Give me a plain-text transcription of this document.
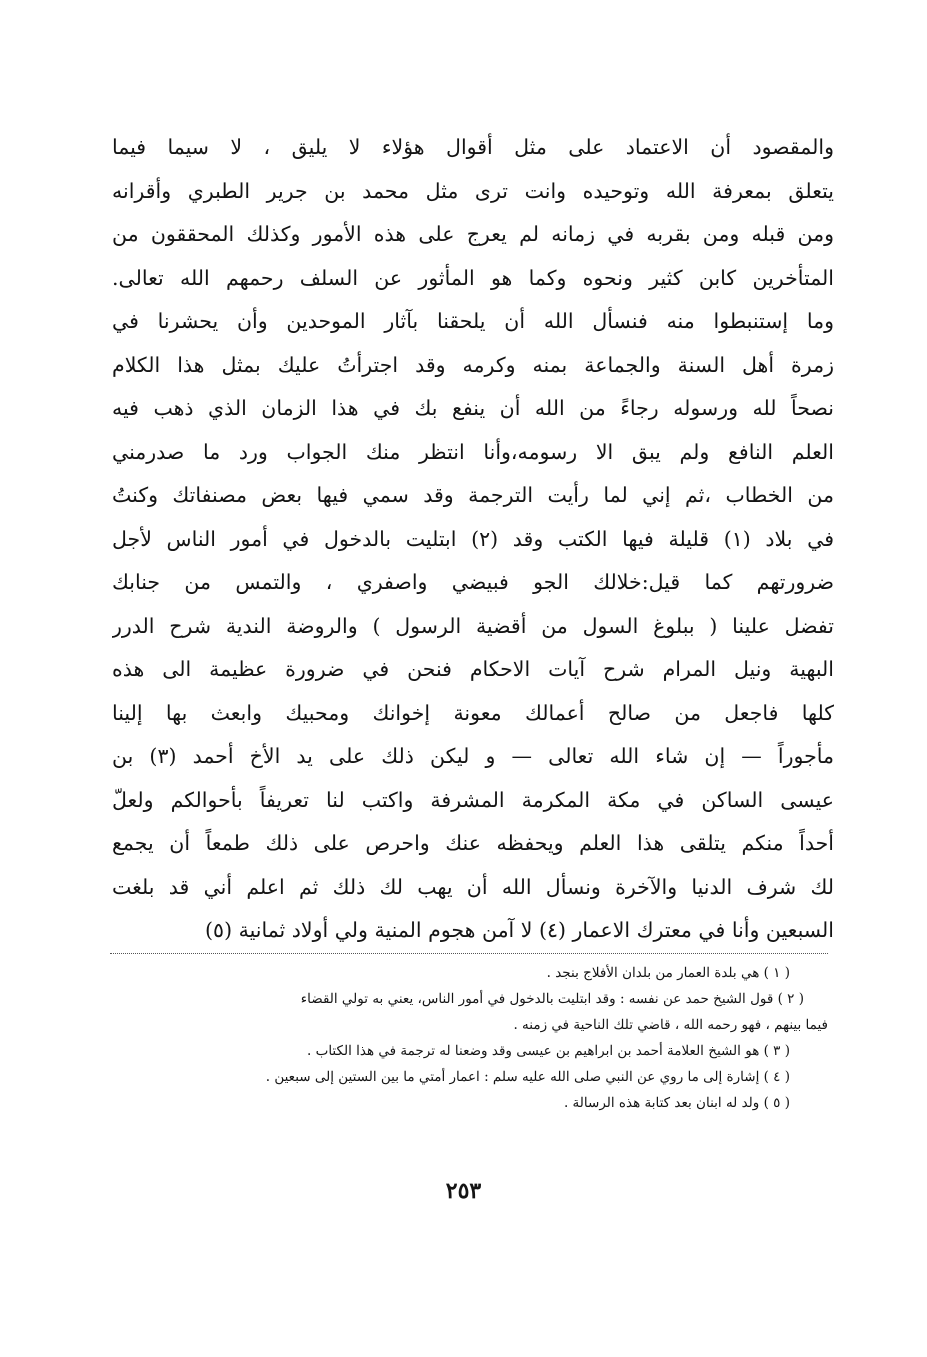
والمقصود أن الاعتماد على مثل أقوال هؤلاء لا يليق ، لا سيما فيما
يتعلق بمعرفة الله وتوحيده وانت ترى مثل محمد بن جرير الطبري وأقرانه
ومن قبله ومن بقربه في زمانه لم يعرج على هذه الأمور وكذلك المحققون من
المتأخرين كابن كثير ونحوه وكما هو المأثور عن السلف رحمهم الله تعالى.
وما إستنبطوا منه فنسأل الله أن يلحقنا بآثار الموحدين وأن يحشرنا في
زمرة أهل السنة والجماعة بمنه وكرمه وقد اجترأتُ عليك بمثل هذا الكلام
نصحاً لله ورسوله رجاءً من الله أن ينفع بك في هذا الزمان الذي ذهب فيه
العلم النافع ولم يبق الا رسومه،وأنا انتظر منك الجواب ورد ما صدرمني
من الخطاب ،ثم إني لما رأيت الترجمة وقد سمي فيها بعض مصنفاتك وكنتُ
في بلاد (١) قليلة فيها الكتب وقد (٢) ابتليت بالدخول في أمور الناس لأجل
ضرورتهم كما قيل:خلالك الجو فبيضي واصفري ، والتمس من جنابك
تفضل علينا ( ببلوغ السول من أقضية الرسول ) والروضة الندية شرح الدرر
البهية ونيل المرام شرح آيات الاحكام فنحن في ضرورة عظيمة الى هذه
كلها فاجعل من صالح أعمالك معونة إخوانك ومحبيك وابعث بها إلينا
مأجوراً — إن شاء الله تعالى — و ليكن ذلك على يد الأخ أحمد (٣) بن
عيسى الساكن في مكة المكرمة المشرفة واكتب لنا تعريفاً بأحوالكم ولعلّ
أحداً منكم يتلقى هذا العلم ويحفظه عنك واحرص على ذلك طمعاً أن يجمع
لك شرف الدنيا والآخرة ونسأل الله أن يهب لك ذلك ثم اعلم أني قد بلغت
السبعين وأنا في معترك الاعمار (٤) لا آمن هجوم المنية ولي أولاد ثمانية (٥)
( ١ ) هي بلدة العمار من بلدان الأفلاج بنجد .
( ٢ ) قول الشيخ حمد عن نفسه : وقد ابتليت بالدخول في أمور الناس، يعني به تولي القضاء
فيما بينهم ، فهو رحمه الله ، قاضي تلك الناحية في زمنه .
( ٣ ) هو الشيخ العلامة أحمد بن ابراهيم بن عيسى وقد وضعنا له ترجمة في هذا الكتاب .
( ٤ ) إشارة إلى ما روي عن النبي صلى الله عليه سلم : اعمار أمتي ما بين الستين إلى سبعين .
( ٥ ) ولد له ابنان بعد كتابة هذه الرسالة .
٢٥٣
